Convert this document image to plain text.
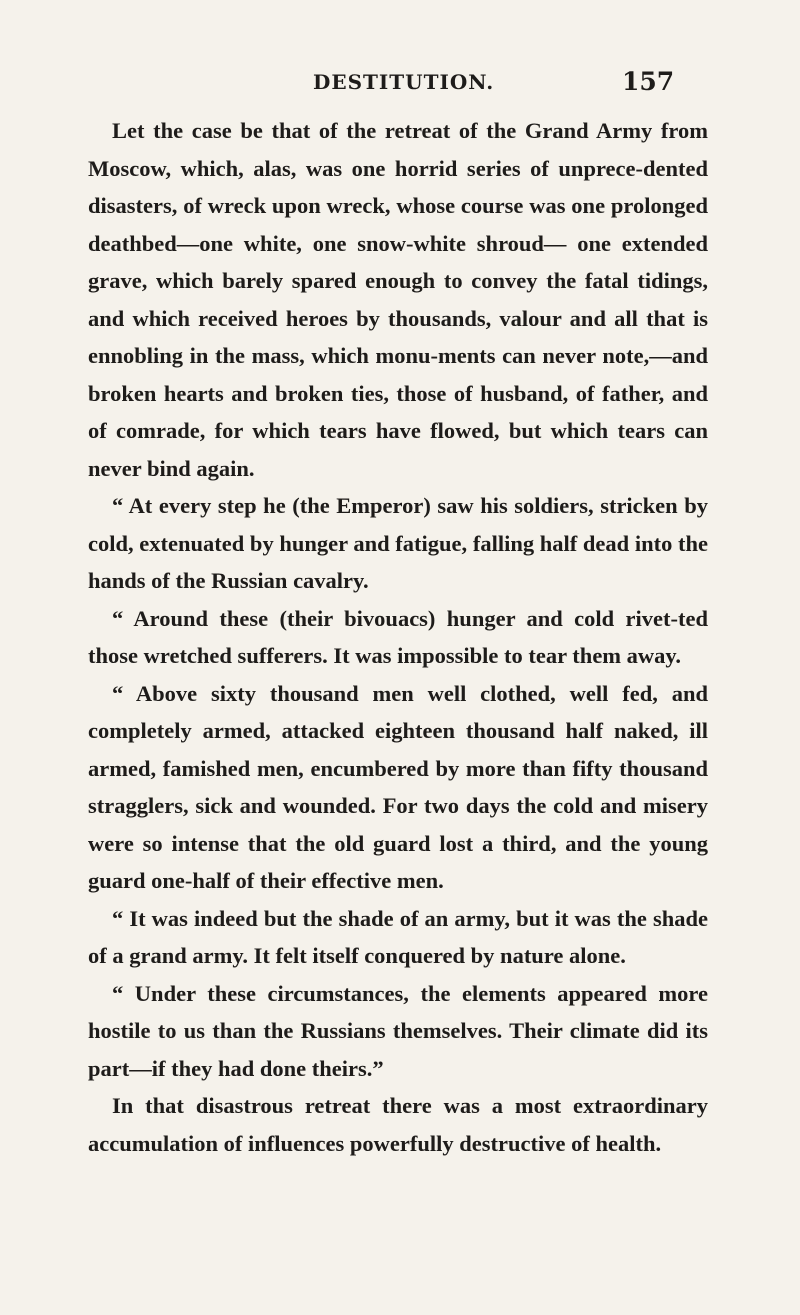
DESTITUTION.	157

Let the case be that of the retreat of the Grand Army from Moscow, which, alas, was one horrid series of unprece-dented disasters, of wreck upon wreck, whose course was one prolonged deathbed—one white, one snow-white shroud— one extended grave, which barely spared enough to convey the fatal tidings, and which received heroes by thousands, valour and all that is ennobling in the mass, which monu-ments can never note,—and broken hearts and broken ties, those of husband, of father, and of comrade, for which tears have flowed, but which tears can never bind again.

“ At every step he (the Emperor) saw his soldiers, stricken by cold, extenuated by hunger and fatigue, falling half dead into the hands of the Russian cavalry.

“ Around these (their bivouacs) hunger and cold rivet-ted those wretched sufferers. It was impossible to tear them away.

“ Above sixty thousand men well clothed, well fed, and completely armed, attacked eighteen thousand half naked, ill armed, famished men, encumbered by more than fifty thousand stragglers, sick and wounded. For two days the cold and misery were so intense that the old guard lost a third, and the young guard one-half of their effective men.

“ It was indeed but the shade of an army, but it was the shade of a grand army. It felt itself conquered by nature alone.

“ Under these circumstances, the elements appeared more hostile to us than the Russians themselves. Their climate did its part—if they had done theirs.”

In that disastrous retreat there was a most extraordinary accumulation of influences powerfully destructive of health.
